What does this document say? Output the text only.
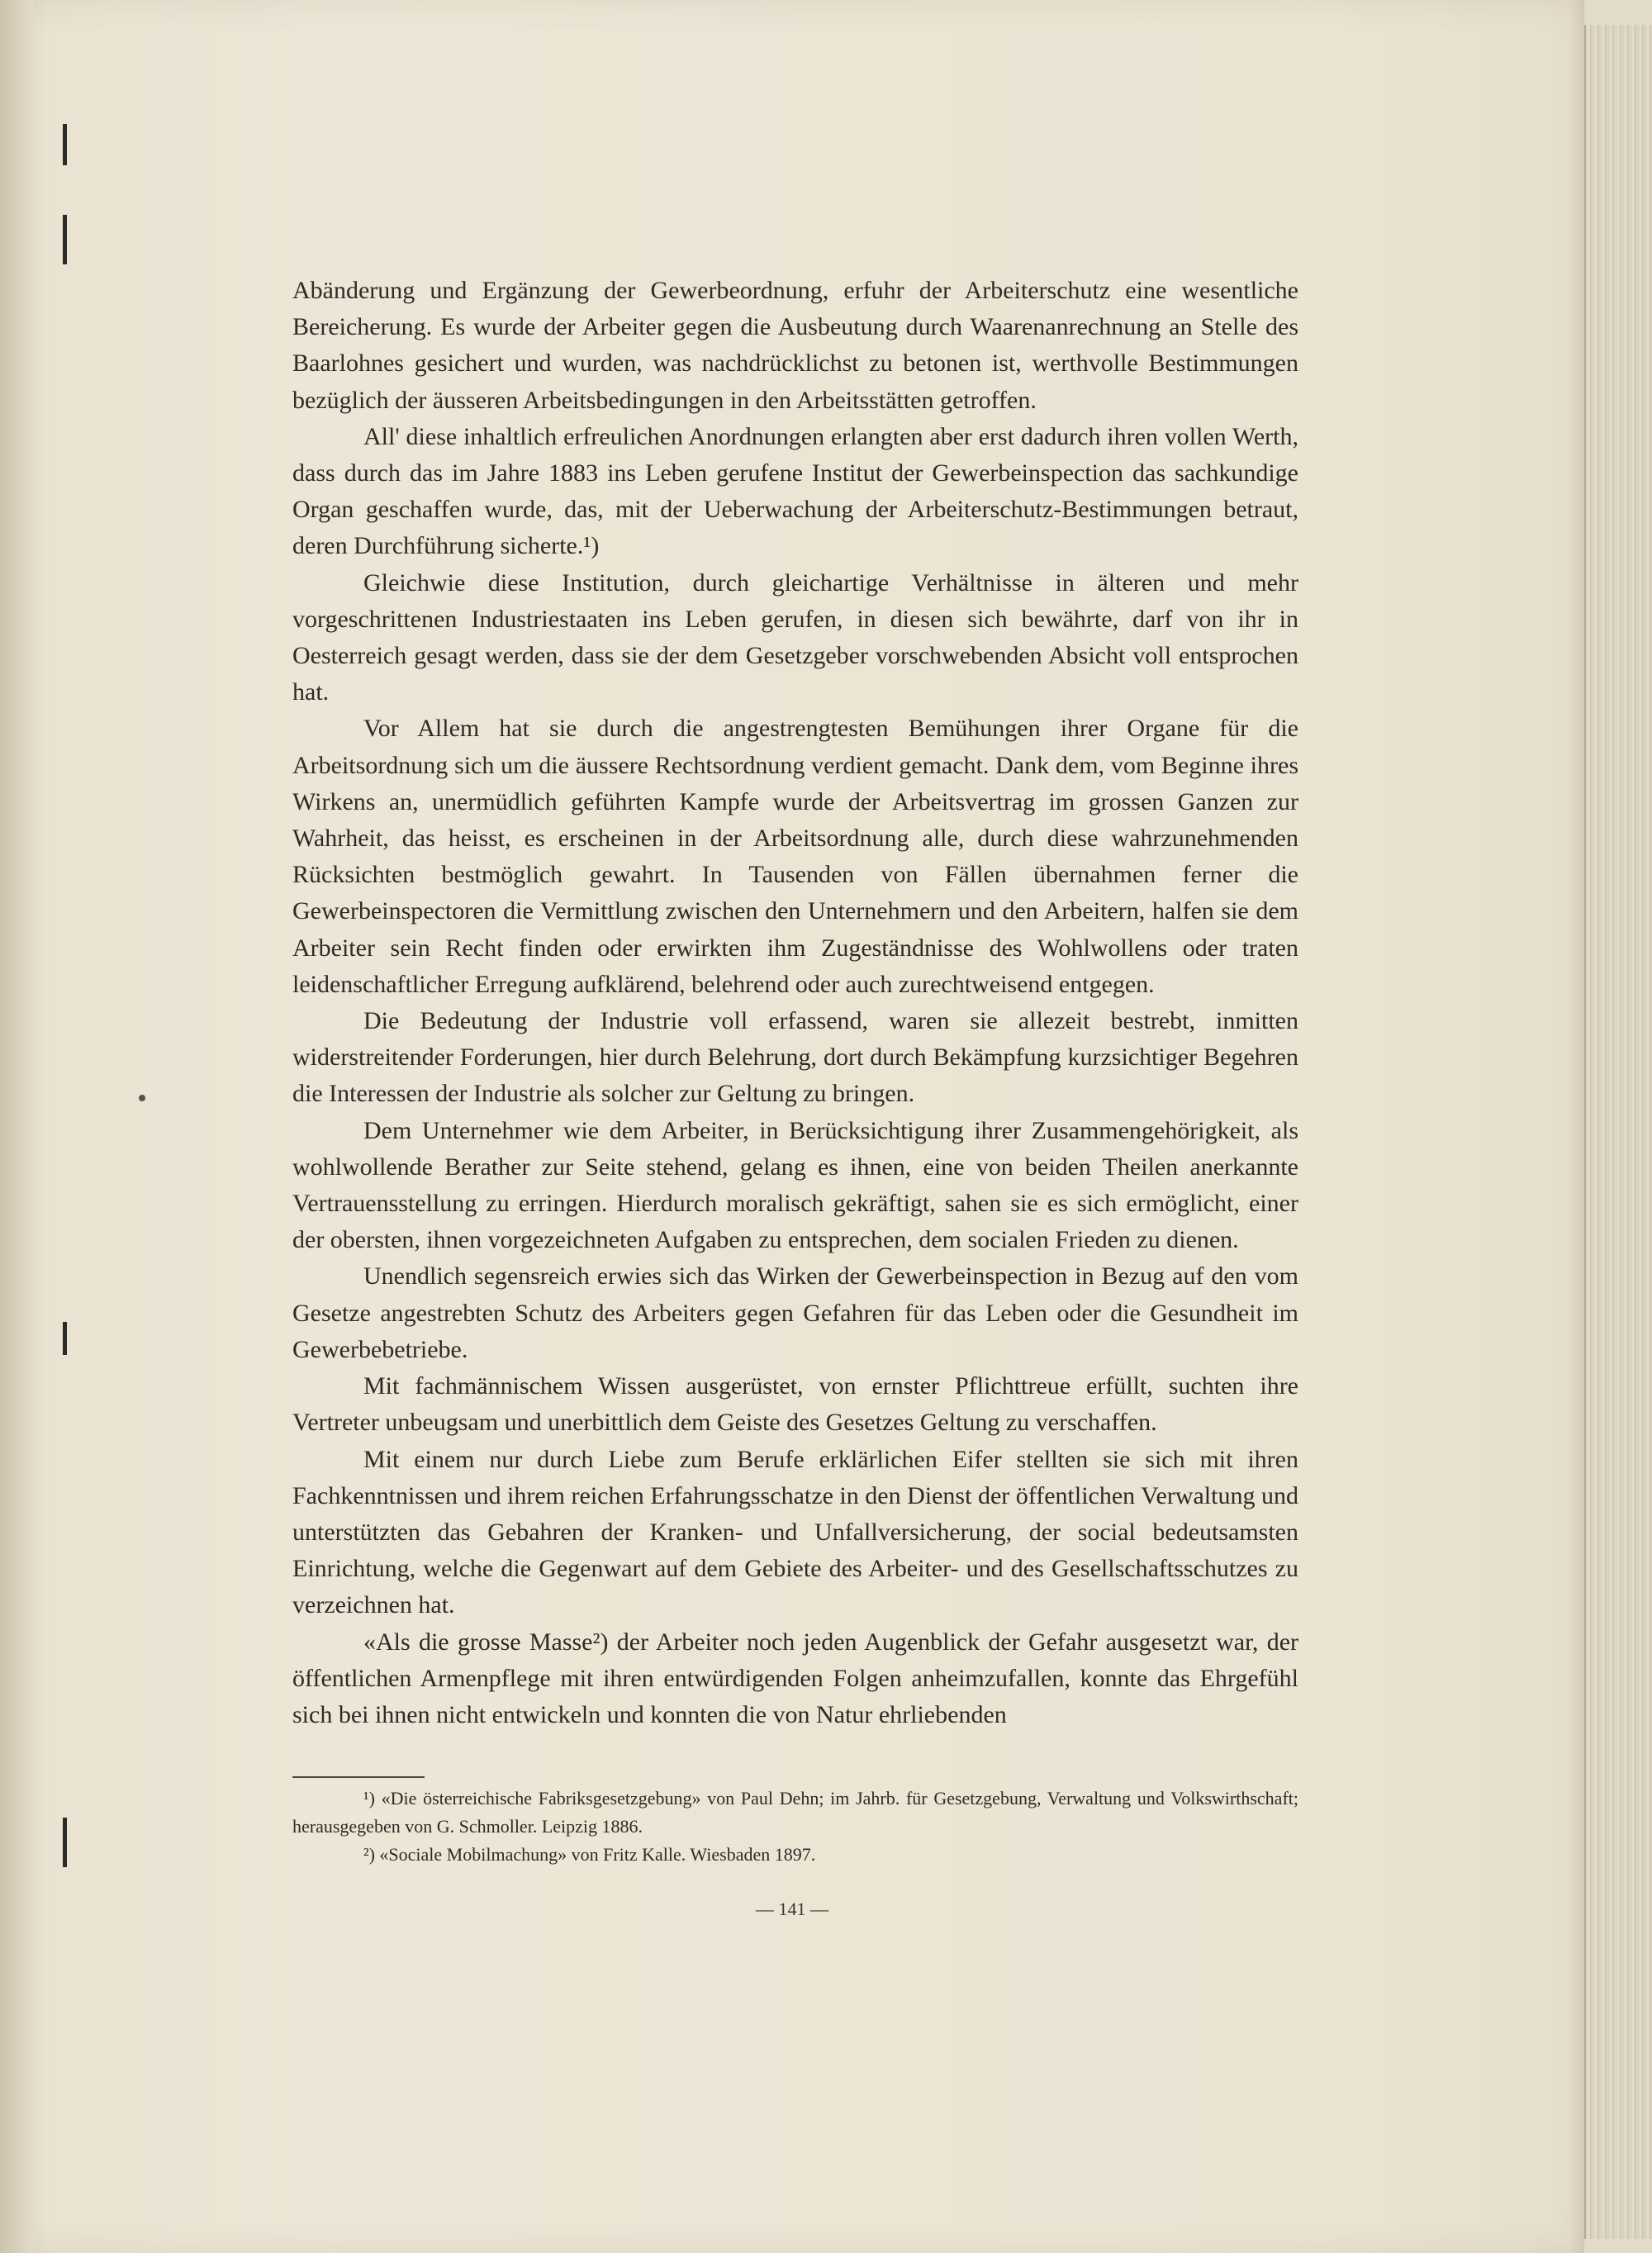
Abänderung und Ergänzung der Gewerbeordnung, erfuhr der Arbeiterschutz eine wesentliche Bereicherung. Es wurde der Arbeiter gegen die Ausbeutung durch Waarenanrechnung an Stelle des Baarlohnes gesichert und wurden, was nachdrücklichst zu betonen ist, werthvolle Bestimmungen bezüglich der äusseren Arbeitsbedingungen in den Arbeitsstätten getroffen.

All' diese inhaltlich erfreulichen Anordnungen erlangten aber erst dadurch ihren vollen Werth, dass durch das im Jahre 1883 ins Leben gerufene Institut der Gewerbeinspection das sachkundige Organ geschaffen wurde, das, mit der Ueberwachung der Arbeiterschutz-Bestimmungen betraut, deren Durchführung sicherte.¹)

Gleichwie diese Institution, durch gleichartige Verhältnisse in älteren und mehr vorgeschrittenen Industriestaaten ins Leben gerufen, in diesen sich bewährte, darf von ihr in Oesterreich gesagt werden, dass sie der dem Gesetzgeber vorschwebenden Absicht voll entsprochen hat.

Vor Allem hat sie durch die angestrengtesten Bemühungen ihrer Organe für die Arbeitsordnung sich um die äussere Rechtsordnung verdient gemacht. Dank dem, vom Beginne ihres Wirkens an, unermüdlich geführten Kampfe wurde der Arbeitsvertrag im grossen Ganzen zur Wahrheit, das heisst, es erscheinen in der Arbeitsordnung alle, durch diese wahrzunehmenden Rücksichten bestmöglich gewahrt. In Tausenden von Fällen übernahmen ferner die Gewerbeinspectoren die Vermittlung zwischen den Unternehmern und den Arbeitern, halfen sie dem Arbeiter sein Recht finden oder erwirkten ihm Zugeständnisse des Wohlwollens oder traten leidenschaftlicher Erregung aufklärend, belehrend oder auch zurechtweisend entgegen.

Die Bedeutung der Industrie voll erfassend, waren sie allezeit bestrebt, inmitten widerstreitender Forderungen, hier durch Belehrung, dort durch Bekämpfung kurzsichtiger Begehren die Interessen der Industrie als solcher zur Geltung zu bringen.

Dem Unternehmer wie dem Arbeiter, in Berücksichtigung ihrer Zusammengehörigkeit, als wohlwollende Berather zur Seite stehend, gelang es ihnen, eine von beiden Theilen anerkannte Vertrauensstellung zu erringen. Hierdurch moralisch gekräftigt, sahen sie es sich ermöglicht, einer der obersten, ihnen vorgezeichneten Aufgaben zu entsprechen, dem socialen Frieden zu dienen.

Unendlich segensreich erwies sich das Wirken der Gewerbeinspection in Bezug auf den vom Gesetze angestrebten Schutz des Arbeiters gegen Gefahren für das Leben oder die Gesundheit im Gewerbebetriebe.

Mit fachmännischem Wissen ausgerüstet, von ernster Pflichttreue erfüllt, suchten ihre Vertreter unbeugsam und unerbittlich dem Geiste des Gesetzes Geltung zu verschaffen.

Mit einem nur durch Liebe zum Berufe erklärlichen Eifer stellten sie sich mit ihren Fachkenntnissen und ihrem reichen Erfahrungsschatze in den Dienst der öffentlichen Verwaltung und unterstützten das Gebahren der Kranken- und Unfallversicherung, der social bedeutsamsten Einrichtung, welche die Gegenwart auf dem Gebiete des Arbeiter- und des Gesellschaftsschutzes zu verzeichnen hat.

«Als die grosse Masse²) der Arbeiter noch jeden Augenblick der Gefahr ausgesetzt war, der öffentlichen Armenpflege mit ihren entwürdigenden Folgen anheimzufallen, konnte das Ehrgefühl sich bei ihnen nicht entwickeln und konnten die von Natur ehrliebenden

¹) «Die österreichische Fabriksgesetzgebung» von Paul Dehn; im Jahrb. für Gesetzgebung, Verwaltung und Volkswirthschaft; herausgegeben von G. Schmoller. Leipzig 1886.

²) «Sociale Mobilmachung» von Fritz Kalle. Wiesbaden 1897.

— 141 —
